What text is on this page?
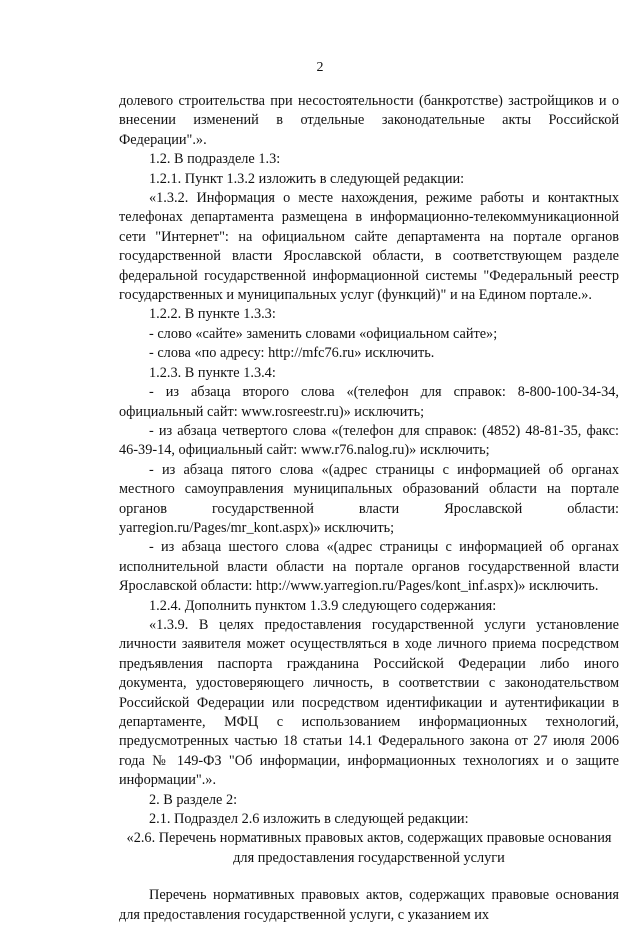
2

долевого строительства при несостоятельности (банкротстве) застройщиков и о внесении изменений в отдельные законодательные акты Российской Федерации".».

1.2. В подразделе 1.3:

1.2.1. Пункт 1.3.2 изложить в следующей редакции:

«1.3.2. Информация о месте нахождения, режиме работы и контактных телефонах департамента размещена в информационно-телекоммуникационной сети "Интернет": на официальном сайте департамента на портале органов государственной власти Ярославской области, в соответствующем разделе федеральной государственной информационной системы "Федеральный реестр государственных и муниципальных услуг (функций)" и на Едином портале.».

1.2.2. В пункте 1.3.3:

- слово «сайте» заменить словами «официальном сайте»;

- слова «по адресу: http://mfc76.ru» исключить.

1.2.3. В пункте 1.3.4:

- из абзаца второго слова «(телефон для справок: 8-800-100-34-34, официальный сайт: www.rosreestr.ru)» исключить;

- из абзаца четвертого слова «(телефон для справок: (4852) 48-81-35, факс: 46-39-14, официальный сайт: www.r76.nalog.ru)» исключить;

- из абзаца пятого слова «(адрес страницы с информацией об органах местного самоуправления муниципальных образований области на портале органов государственной власти Ярославской области: yarregion.ru/Pages/mr_kont.aspx)» исключить;

- из абзаца шестого слова «(адрес страницы с информацией об органах исполнительной власти области на портале органов государственной власти Ярославской области: http://www.yarregion.ru/Pages/kont_inf.aspx)» исключить.

1.2.4. Дополнить пунктом 1.3.9 следующего содержания:

«1.3.9. В целях предоставления государственной услуги установление личности заявителя может осуществляться в ходе личного приема посредством предъявления паспорта гражданина Российской Федерации либо иного документа, удостоверяющего личность, в соответствии с законодательством Российской Федерации или посредством идентификации и аутентификации в департаменте, МФЦ с использованием информационных технологий, предусмотренных частью 18 статьи 14.1 Федерального закона от 27 июля 2006 года № 149-ФЗ "Об информации, информационных технологиях и о защите информации".».

2. В разделе 2:

2.1. Подраздел 2.6 изложить в следующей редакции:

«2.6. Перечень нормативных правовых актов, содержащих правовые основания для предоставления государственной услуги

Перечень нормативных правовых актов, содержащих правовые основания для предоставления государственной услуги, с указанием их
